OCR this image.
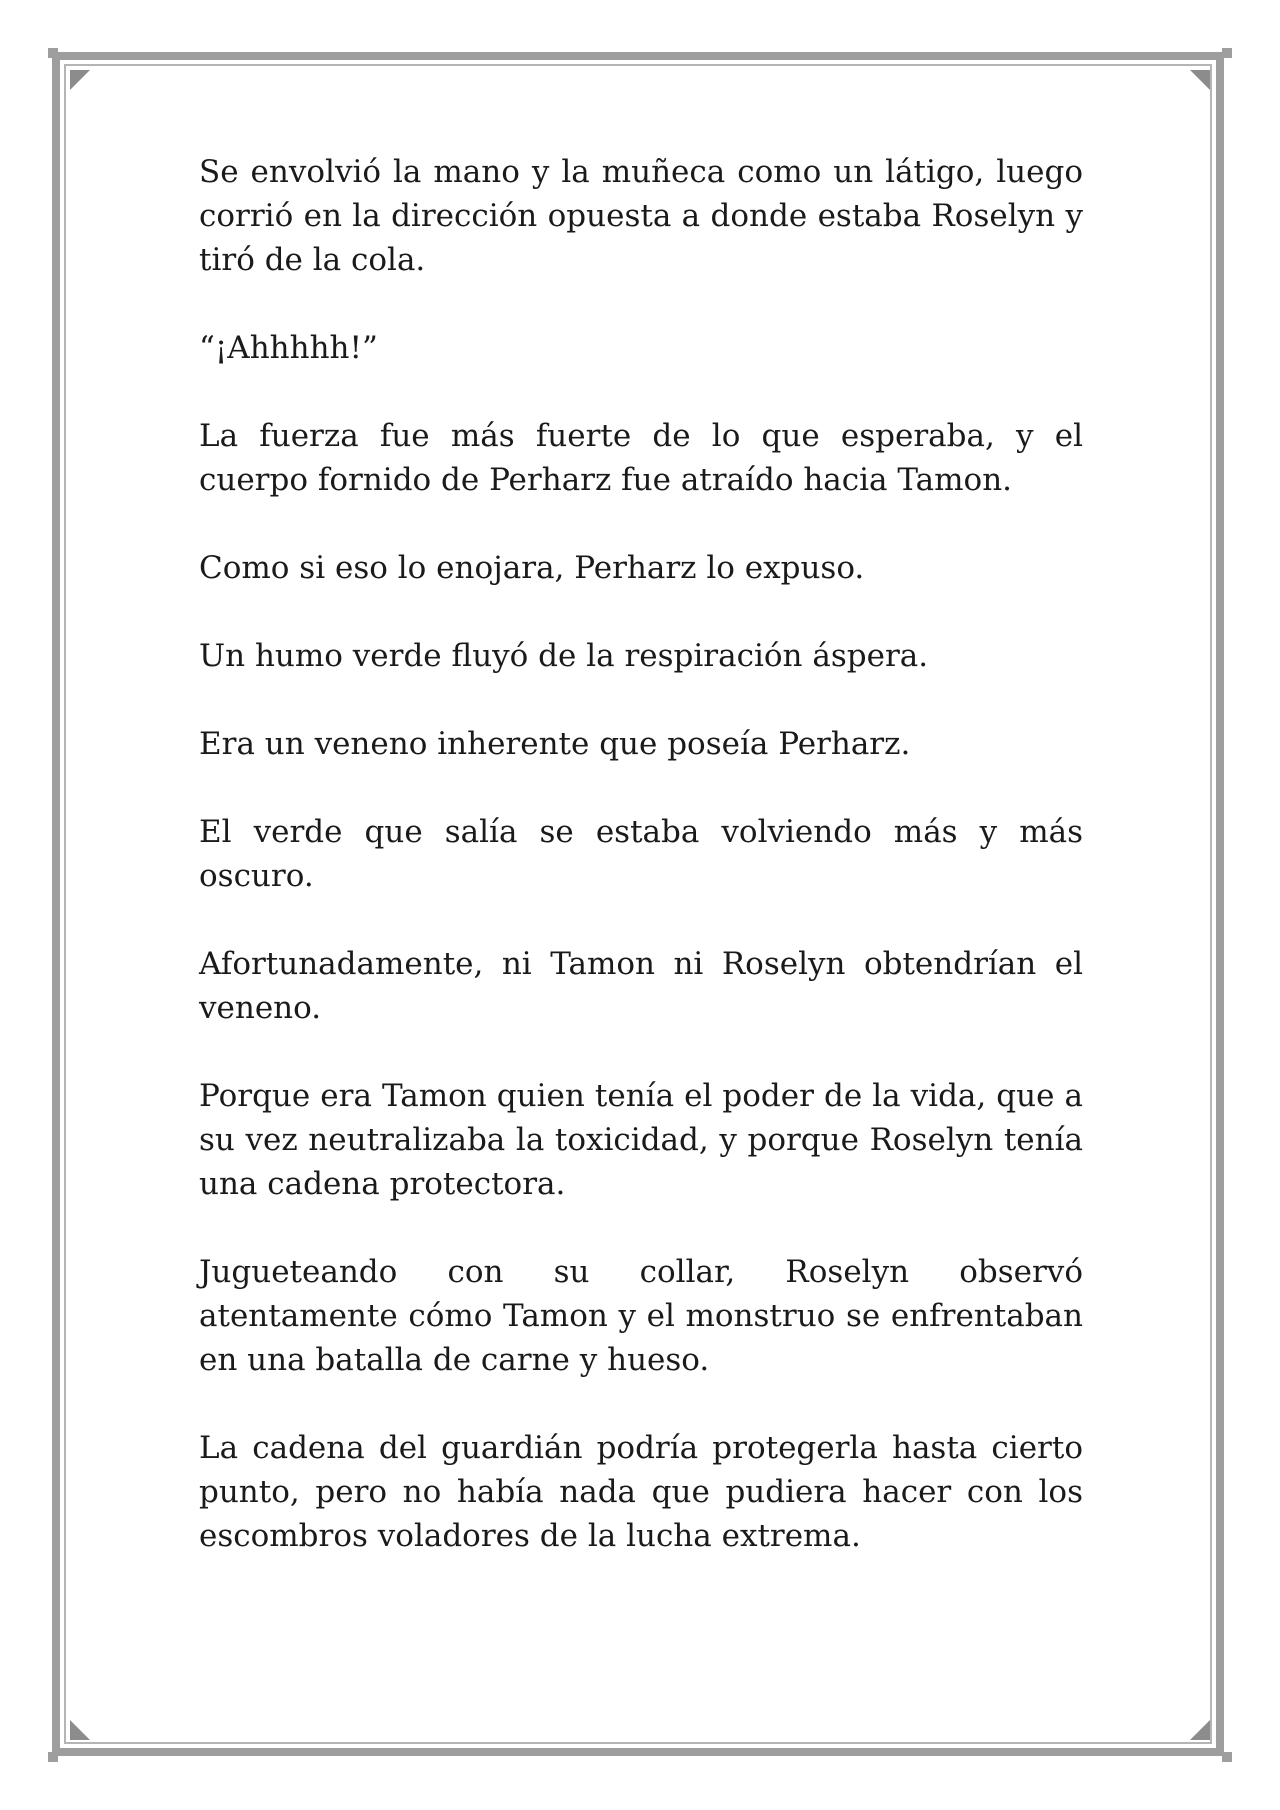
Se envolvió la mano y la muñeca como un látigo, luego corrió en la dirección opuesta a donde estaba Roselyn y tiró de la cola.

“¡Ahhhhh!”

La fuerza fue más fuerte de lo que esperaba, y el cuerpo fornido de Perharz fue atraído hacia Tamon.

Como si eso lo enojara, Perharz lo expuso.

Un humo verde fluyó de la respiración áspera.

Era un veneno inherente que poseía Perharz.

El verde que salía se estaba volviendo más y más oscuro.

Afortunadamente, ni Tamon ni Roselyn obtendrían el veneno.

Porque era Tamon quien tenía el poder de la vida, que a su vez neutralizaba la toxicidad, y porque Roselyn tenía una cadena protectora.

Jugueteando con su collar, Roselyn observó atentamente cómo Tamon y el monstruo se enfrentaban en una batalla de carne y hueso.

La cadena del guardián podría protegerla hasta cierto punto, pero no había nada que pudiera hacer con los escombros voladores de la lucha extrema.
